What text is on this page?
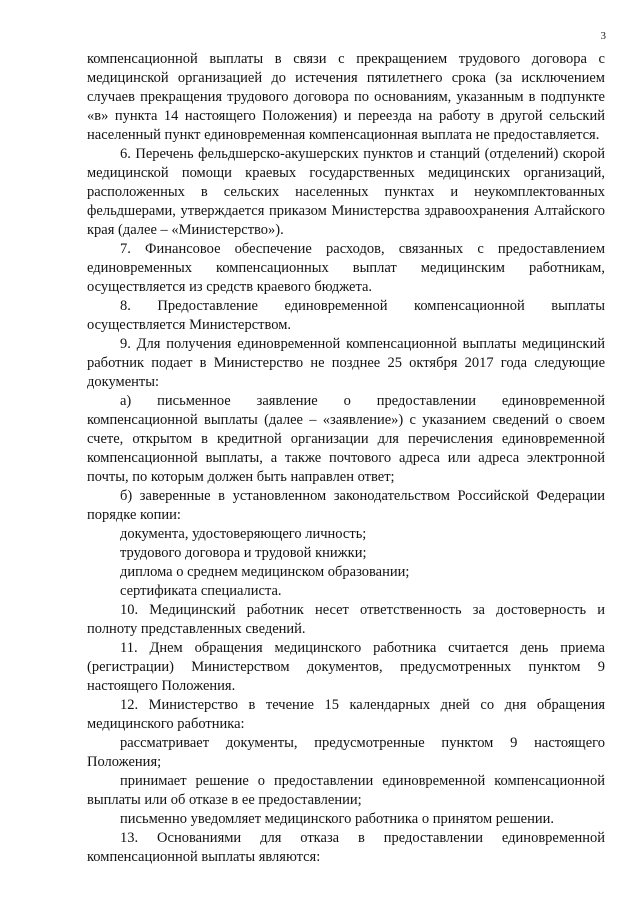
3

компенсационной выплаты в связи с прекращением трудового договора с медицинской организацией до истечения пятилетнего срока (за исключением случаев прекращения трудового договора по основаниям, указанным в подпункте «в» пункта 14 настоящего Положения) и переезда на работу в другой сельский населенный пункт единовременная компенсационная выплата не предоставляется.

6. Перечень фельдшерско-акушерских пунктов и станций (отделений) скорой медицинской помощи краевых государственных медицинских организаций, расположенных в сельских населенных пунктах и неукомплектованных фельдшерами, утверждается приказом Министерства здравоохранения Алтайского края (далее – «Министерство»).

7. Финансовое обеспечение расходов, связанных с предоставлением единовременных компенсационных выплат медицинским работникам, осуществляется из средств краевого бюджета.

8. Предоставление единовременной компенсационной выплаты осуществляется Министерством.

9. Для получения единовременной компенсационной выплаты медицинский работник подает в Министерство не позднее 25 октября 2017 года следующие документы:

а) письменное заявление о предоставлении единовременной компенсационной выплаты (далее – «заявление») с указанием сведений о своем счете, открытом в кредитной организации для перечисления единовременной компенсационной выплаты, а также почтового адреса или адреса электронной почты, по которым должен быть направлен ответ;

б) заверенные в установленном законодательством Российской Федерации порядке копии:

документа, удостоверяющего личность;

трудового договора и трудовой книжки;

диплома о среднем медицинском образовании;

сертификата специалиста.

10. Медицинский работник несет ответственность за достоверность и полноту представленных сведений.

11. Днем обращения медицинского работника считается день приема (регистрации) Министерством документов, предусмотренных пунктом 9 настоящего Положения.

12. Министерство в течение 15 календарных дней со дня обращения медицинского работника:

рассматривает документы, предусмотренные пунктом 9 настоящего Положения;

принимает решение о предоставлении единовременной компенсационной выплаты или об отказе в ее предоставлении;

письменно уведомляет медицинского работника о принятом решении.

13. Основаниями для отказа в предоставлении единовременной компенсационной выплаты являются:
